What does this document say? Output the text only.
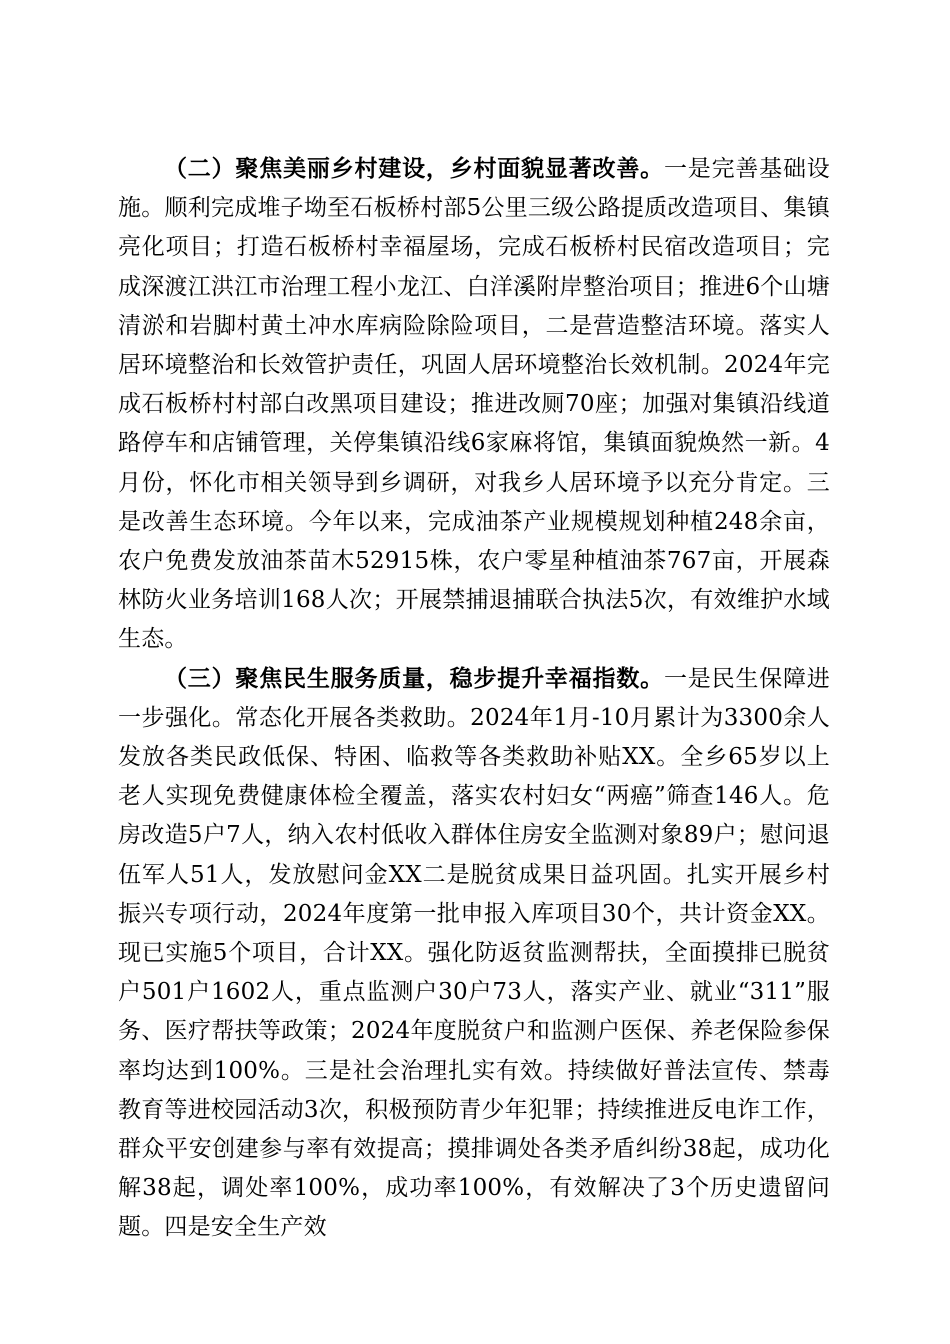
（二）聚焦美丽乡村建设，乡村面貌显著改善。一是完善基础设施。顺利完成堆子坳至石板桥村部5公里三级公路提质改造项目、集镇亮化项目；打造石板桥村幸福屋场，完成石板桥村民宿改造项目；完成深渡江洪江市治理工程小龙江、白洋溪附岸整治项目；推进6个山塘清淤和岩脚村黄土冲水库病险除险项目，二是营造整洁环境。落实人居环境整治和长效管护责任，巩固人居环境整治长效机制。2024年完成石板桥村村部白改黑项目建设；推进改厕70座；加强对集镇沿线道路停车和店铺管理，关停集镇沿线6家麻将馆，集镇面貌焕然一新。4月份，怀化市相关领导到乡调研，对我乡人居环境予以充分肯定。三是改善生态环境。今年以来，完成油茶产业规模规划种植248余亩，农户免费发放油茶苗木52915株，农户零星种植油茶767亩，开展森林防火业务培训168人次；开展禁捕退捕联合执法5次，有效维护水域生态。

（三）聚焦民生服务质量，稳步提升幸福指数。一是民生保障进一步强化。常态化开展各类救助。2024年1月-10月累计为3300余人发放各类民政低保、特困、临救等各类救助补贴XX。全乡65岁以上老人实现免费健康体检全覆盖，落实农村妇女“两癌”筛查146人。危房改造5户7人，纳入农村低收入群体住房安全监测对象89户；慰问退伍军人51人，发放慰问金XX二是脱贫成果日益巩固。扎实开展乡村振兴专项行动，2024年度第一批申报入库项目30个，共计资金XX。现已实施5个项目，合计XX。强化防返贫监测帮扶，全面摸排已脱贫户501户1602人，重点监测户30户73人，落实产业、就业“311”服务、医疗帮扶等政策；2024年度脱贫户和监测户医保、养老保险参保率均达到100%。三是社会治理扎实有效。持续做好普法宣传、禁毒教育等进校园活动3次，积极预防青少年犯罪；持续推进反电诈工作，群众平安创建参与率有效提高；摸排调处各类矛盾纠纷38起，成功化解38起，调处率100%，成功率100%，有效解决了3个历史遗留问题。四是安全生产效
